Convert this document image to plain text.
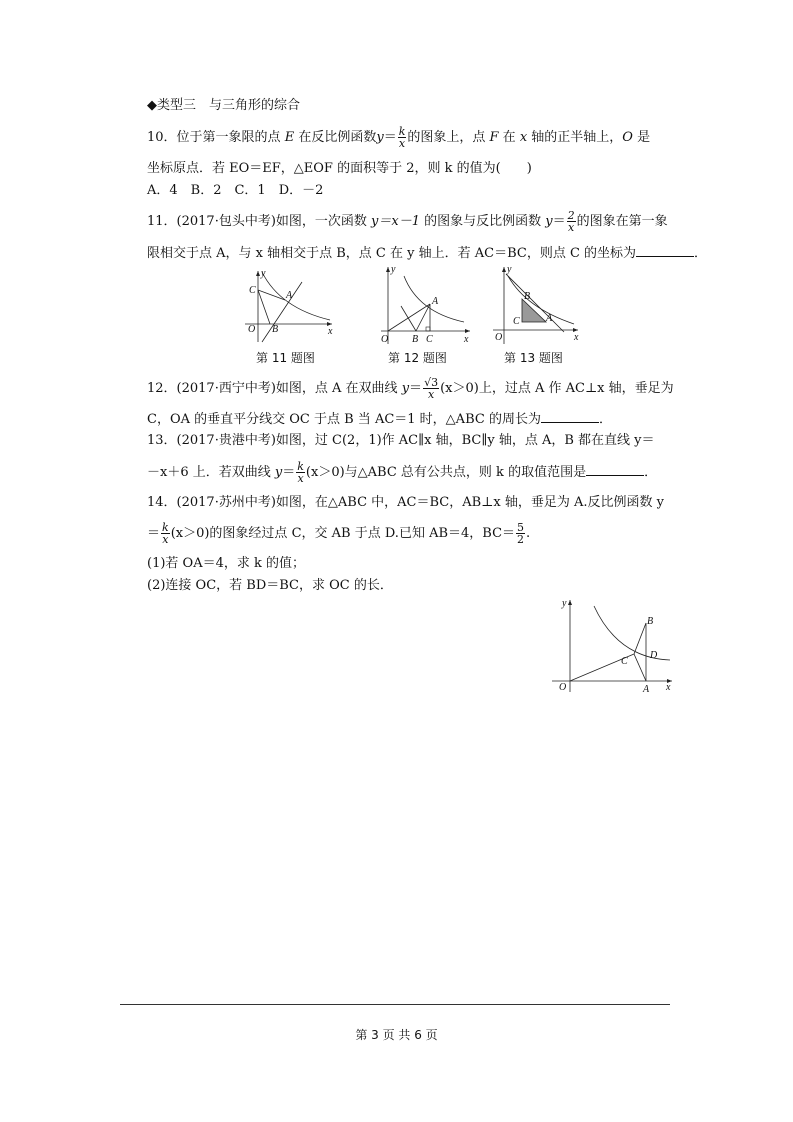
◆类型三　与三角形的综合
10．位于第一象限的点 E 在反比例函数$y= \frac{k}{x}$ 的图象上，点 F 在 x 轴的正半轴上，O 是
坐标原点．若 EO＝EF，△EOF 的面积等于 2，则 k 的值为(　　)
A．4　B．2　C．1　D．－2
11．(2017·包头中考)如图，一次函数 y＝x－1 的图象与反比例函数 $y= \frac{2}{x}$ 的图象在第一象
限相交于点 A，与 x 轴相交于点 B，点 C 在 y 轴上．若 AC＝BC，则点 C 的坐标为	．
y
x
O
C	A
B
第 11 题图
y
x
O
A
B C
第 12 题图
y
x
O
B
C	A
第 13 题图
12．(2017·西宁中考)如图，点 A 在双曲线 $y= \frac{√3}{x} (x>0)$上，过点 A 作 AC⊥x 轴，垂足为
C，OA 的垂直平分线交 OC 于点 B 当 AC＝1 时，△ABC 的周长为	．
13．(2017·贵港中考)如图，过 C(2，1)作 AC∥x 轴，BC∥y 轴，点 A，B 都在直线 y＝
－x＋6 上．若双曲线 $y= \frac{k}{x} (x>0)$与△ABC 总有公共点，则 k 的取值范围是	．
14．(2017·苏州中考)如图，在△ABC 中，AC＝BC，AB⊥x 轴，垂足为 A.反比例函数 y
＝ $\frac{k}{x} (x>0)$的图象经过点 C，交 AB 于点 D.已知 AB＝4，$BC= \frac{5}{2}$ .
(1)若 OA＝4，求 k 的值；
(2)连接 OC，若 BD＝BC，求 OC 的长．
y
x
O
B
C
D
A
第 3 页 共 6 页
